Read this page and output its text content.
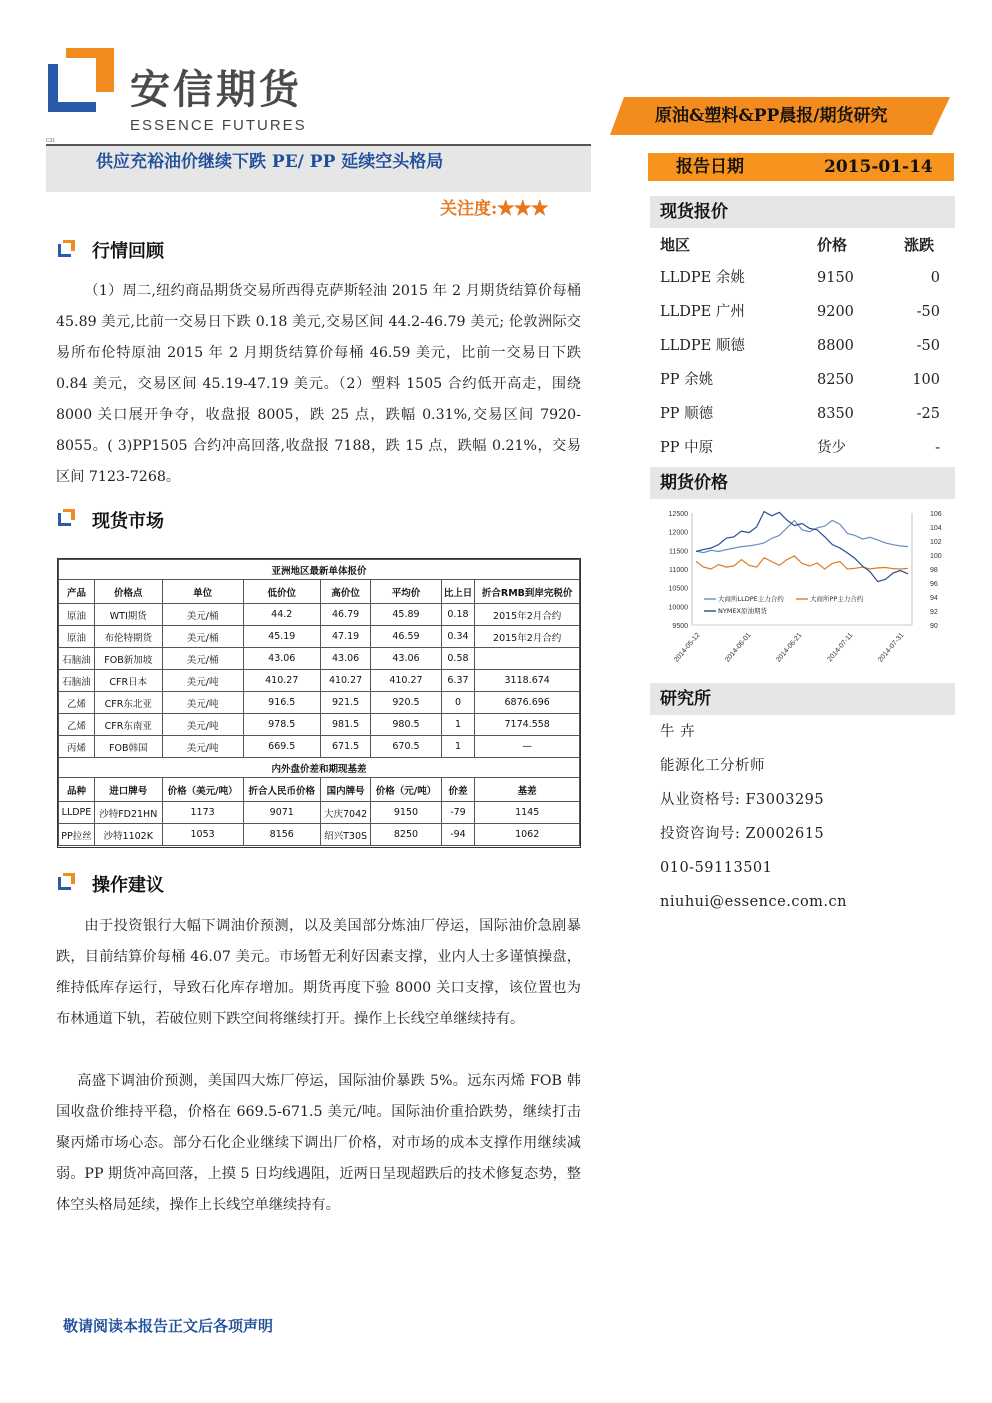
安信期货
ESSENCE FUTURES
C31
供应充裕油价继续下跌 PE/ PP 延续空头格局
关注度:★★★
行情回顾

（1）周二,纽约商品期货交易所西得克萨斯轻油 2015 年 2 月期货结算价每桶 45.89 美元,比前一交易日下跌 0.18 美元,交易区间 44.2-46.79 美元; 伦敦洲际交易所布伦特原油 2015 年 2 月期货结算价每桶 46.59 美元，比前一交易日下跌 0.84 美元，交易区间 45.19-47.19 美元。（2）塑料 1505 合约低开高走，围绕 8000 关口展开争夺，收盘报 8005，跌 25 点，跌幅 0.31%,交易区间 7920-8055。( 3)PP1505 合约冲高回落,收盘报 7188，跌 15 点，跌幅 0.21%，交易区间 7123-7268。

现货市场
亚洲地区最新单体报价							
产品	价格点	单位	低价位	高价位	平均价	比上日	折合RMB到岸完税价
原油	WTI期货	美元/桶	44.2	46.79	45.89	0.18	2015年2月合约
原油	布伦特期货	美元/桶	45.19	47.19	46.59	0.34	2015年2月合约
石脑油	FOB新加坡	美元/桶	43.06	43.06	43.06	0.58	
石脑油	CFR日本	美元/吨	410.27	410.27	410.27	6.37	3118.674
乙烯	CFR东北亚	美元/吨	916.5	921.5	920.5	0	6876.696
乙烯	CFR东南亚	美元/吨	978.5	981.5	980.5	1	7174.558
丙烯	FOB韩国	美元/吨	669.5	671.5	670.5	1	—
内外盘价差和期现基差							
品种	进口牌号	价格（美元/吨）	折合人民币价格	国内牌号	价格（元/吨）	价差	基差
LLDPE	沙特FD21HN	1173	9071	大庆7042	9150	-79	1145
PP拉丝	沙特1102K	1053	8156	绍兴T30S	8250	-94	1062
操作建议

由于投资银行大幅下调油价预测，以及美国部分炼油厂停运，国际油价急剧暴跌，目前结算价每桶 46.07 美元。市场暂无利好因素支撑，业内人士多谨慎操盘，维持低库存运行，导致石化库存增加。期货再度下验 8000 关口支撑，该位置也为布林通道下轨，若破位则下跌空间将继续打开。操作上长线空单继续持有。

高盛下调油价预测，美国四大炼厂停运，国际油价暴跌 5%。远东丙烯 FOB 韩国收盘价维持平稳，价格在 669.5-671.5 美元/吨。国际油价重拾跌势，继续打击聚丙烯市场心态。部分石化企业继续下调出厂价格，对市场的成本支撑作用继续减弱。PP 期货冲高回落，上摸 5 日均线遇阻，近两日呈现超跌后的技术修复态势，整体空头格局延续，操作上长线空单继续持有。

敬请阅读本报告正文后各项声明
原油&塑料&PP晨报/期货研究
报告日期	2015-01-14
现货报价
地区	价格	涨跌
LLDPE 余姚	9150	0
LLDPE 广州	9200	-50
LLDPE 顺德	8800	-50
PP 余姚	8250	100
PP 顺德	8350	-25
PP 中原	货少	-
期货价格
9500
10000
10500
11000
11500
12000
12500
90
92
94
96
98
100
102
104
106
2014-05-12	2014-06-01	2014-06-21	2014-07-11	2014-07-31
大商所LLDPE主力合约	大商所PP主力合约
NYMEX原油期货
研究所
牛 卉
能源化工分析师
从业资格号: F3003295
投资咨询号: Z0002615
010-59113501
niuhui@essence.com.cn
